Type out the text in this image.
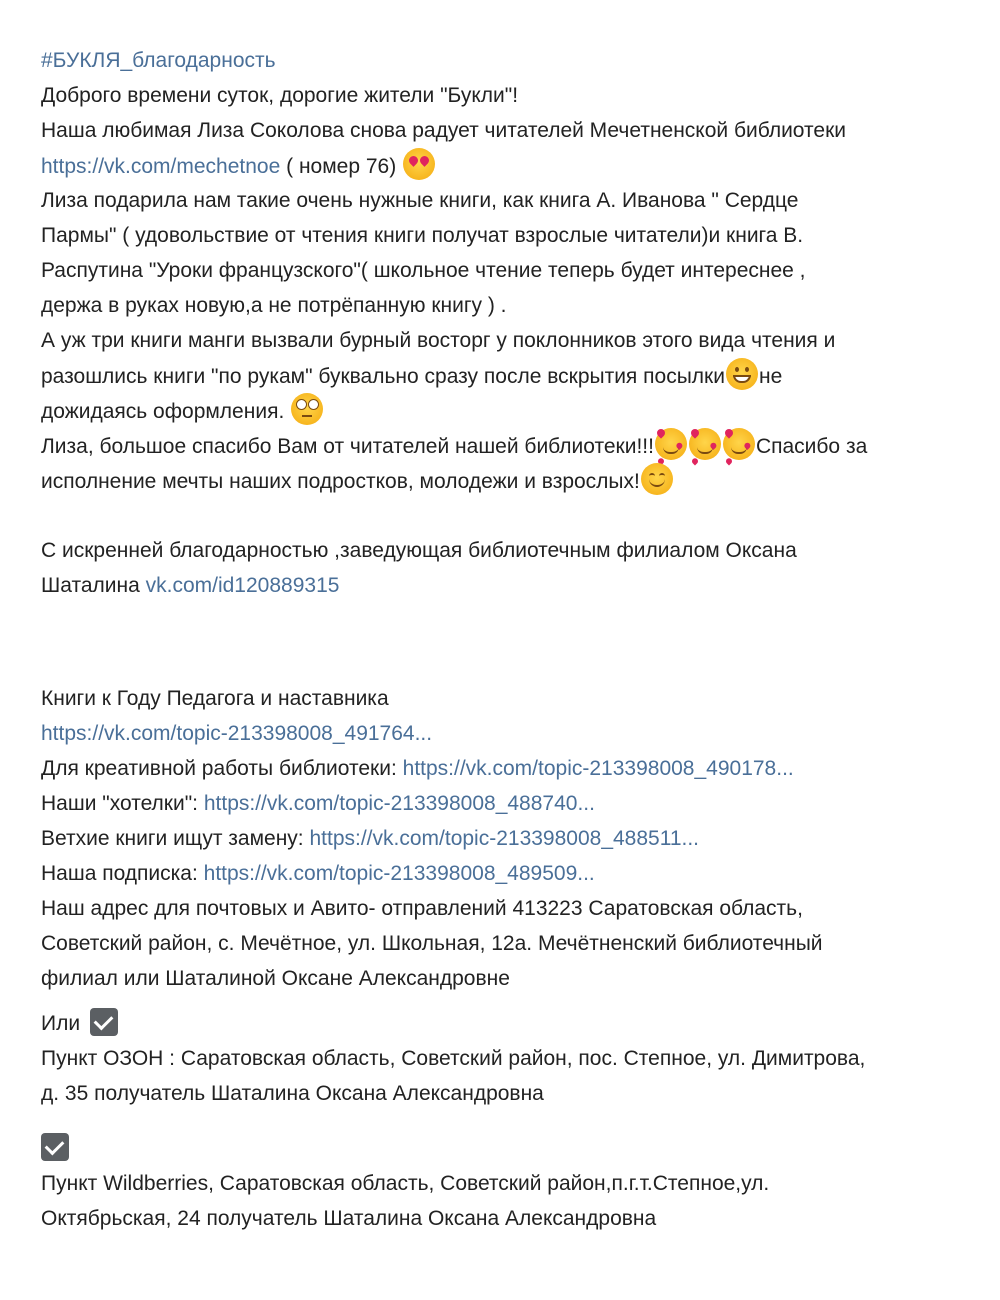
#БУКЛЯ_благодарность
Доброго времени суток, дорогие жители "Букли"!
Наша любимая Лиза Соколова снова радует читателей Мечетненской библиотеки
https://vk.com/mechetnoe ( номер 76)
Лиза подарила нам такие очень нужные книги, как книга А. Иванова " Сердце
Пармы" ( удовольствие от чтения книги получат взрослые читатели)и книга В.
Распутина "Уроки французского"( школьное чтение теперь будет интереснее ,
держа в руках новую,а не потрёпанную книгу ) .
А уж три книги манги вызвали бурный восторг у поклонников этого вида чтения и
разошлись книги "по рукам" буквально сразу после вскрытия посылки не
дожидаясь оформления.
Лиза, большое спасибо Вам от читателей нашей библиотеки!!!	Спасибо за
исполнение мечты наших подростков, молодежи и взрослых!
С искренней благодарностью ,заведующая библиотечным филиалом Оксана
Шаталина vk.com/id120889315
Книги к Году Педагога и наставника
https://vk.com/topic-213398008_491764...
Для креативной работы библиотеки: https://vk.com/topic-213398008_490178...
Наши "хотелки": https://vk.com/topic-213398008_488740...
Ветхие книги ищут замену: https://vk.com/topic-213398008_488511...
Наша подписка: https://vk.com/topic-213398008_489509...
Наш адрес для почтовых и Авито- отправлений 413223 Саратовская область,
Советский район, с. Мечётное, ул. Школьная, 12а. Мечётненский библиотечный
филиал или Шаталиной Оксане Александровне
Или
Пункт ОЗОН : Саратовская область, Советский район, пос. Степное, ул. Димитрова,
д. 35 получатель Шаталина Оксана Александровна
Пункт Wildberries, Саратовская область, Советский район,п.г.т.Степное,ул.
Октябрьская, 24 получатель Шаталина Оксана Александровна
